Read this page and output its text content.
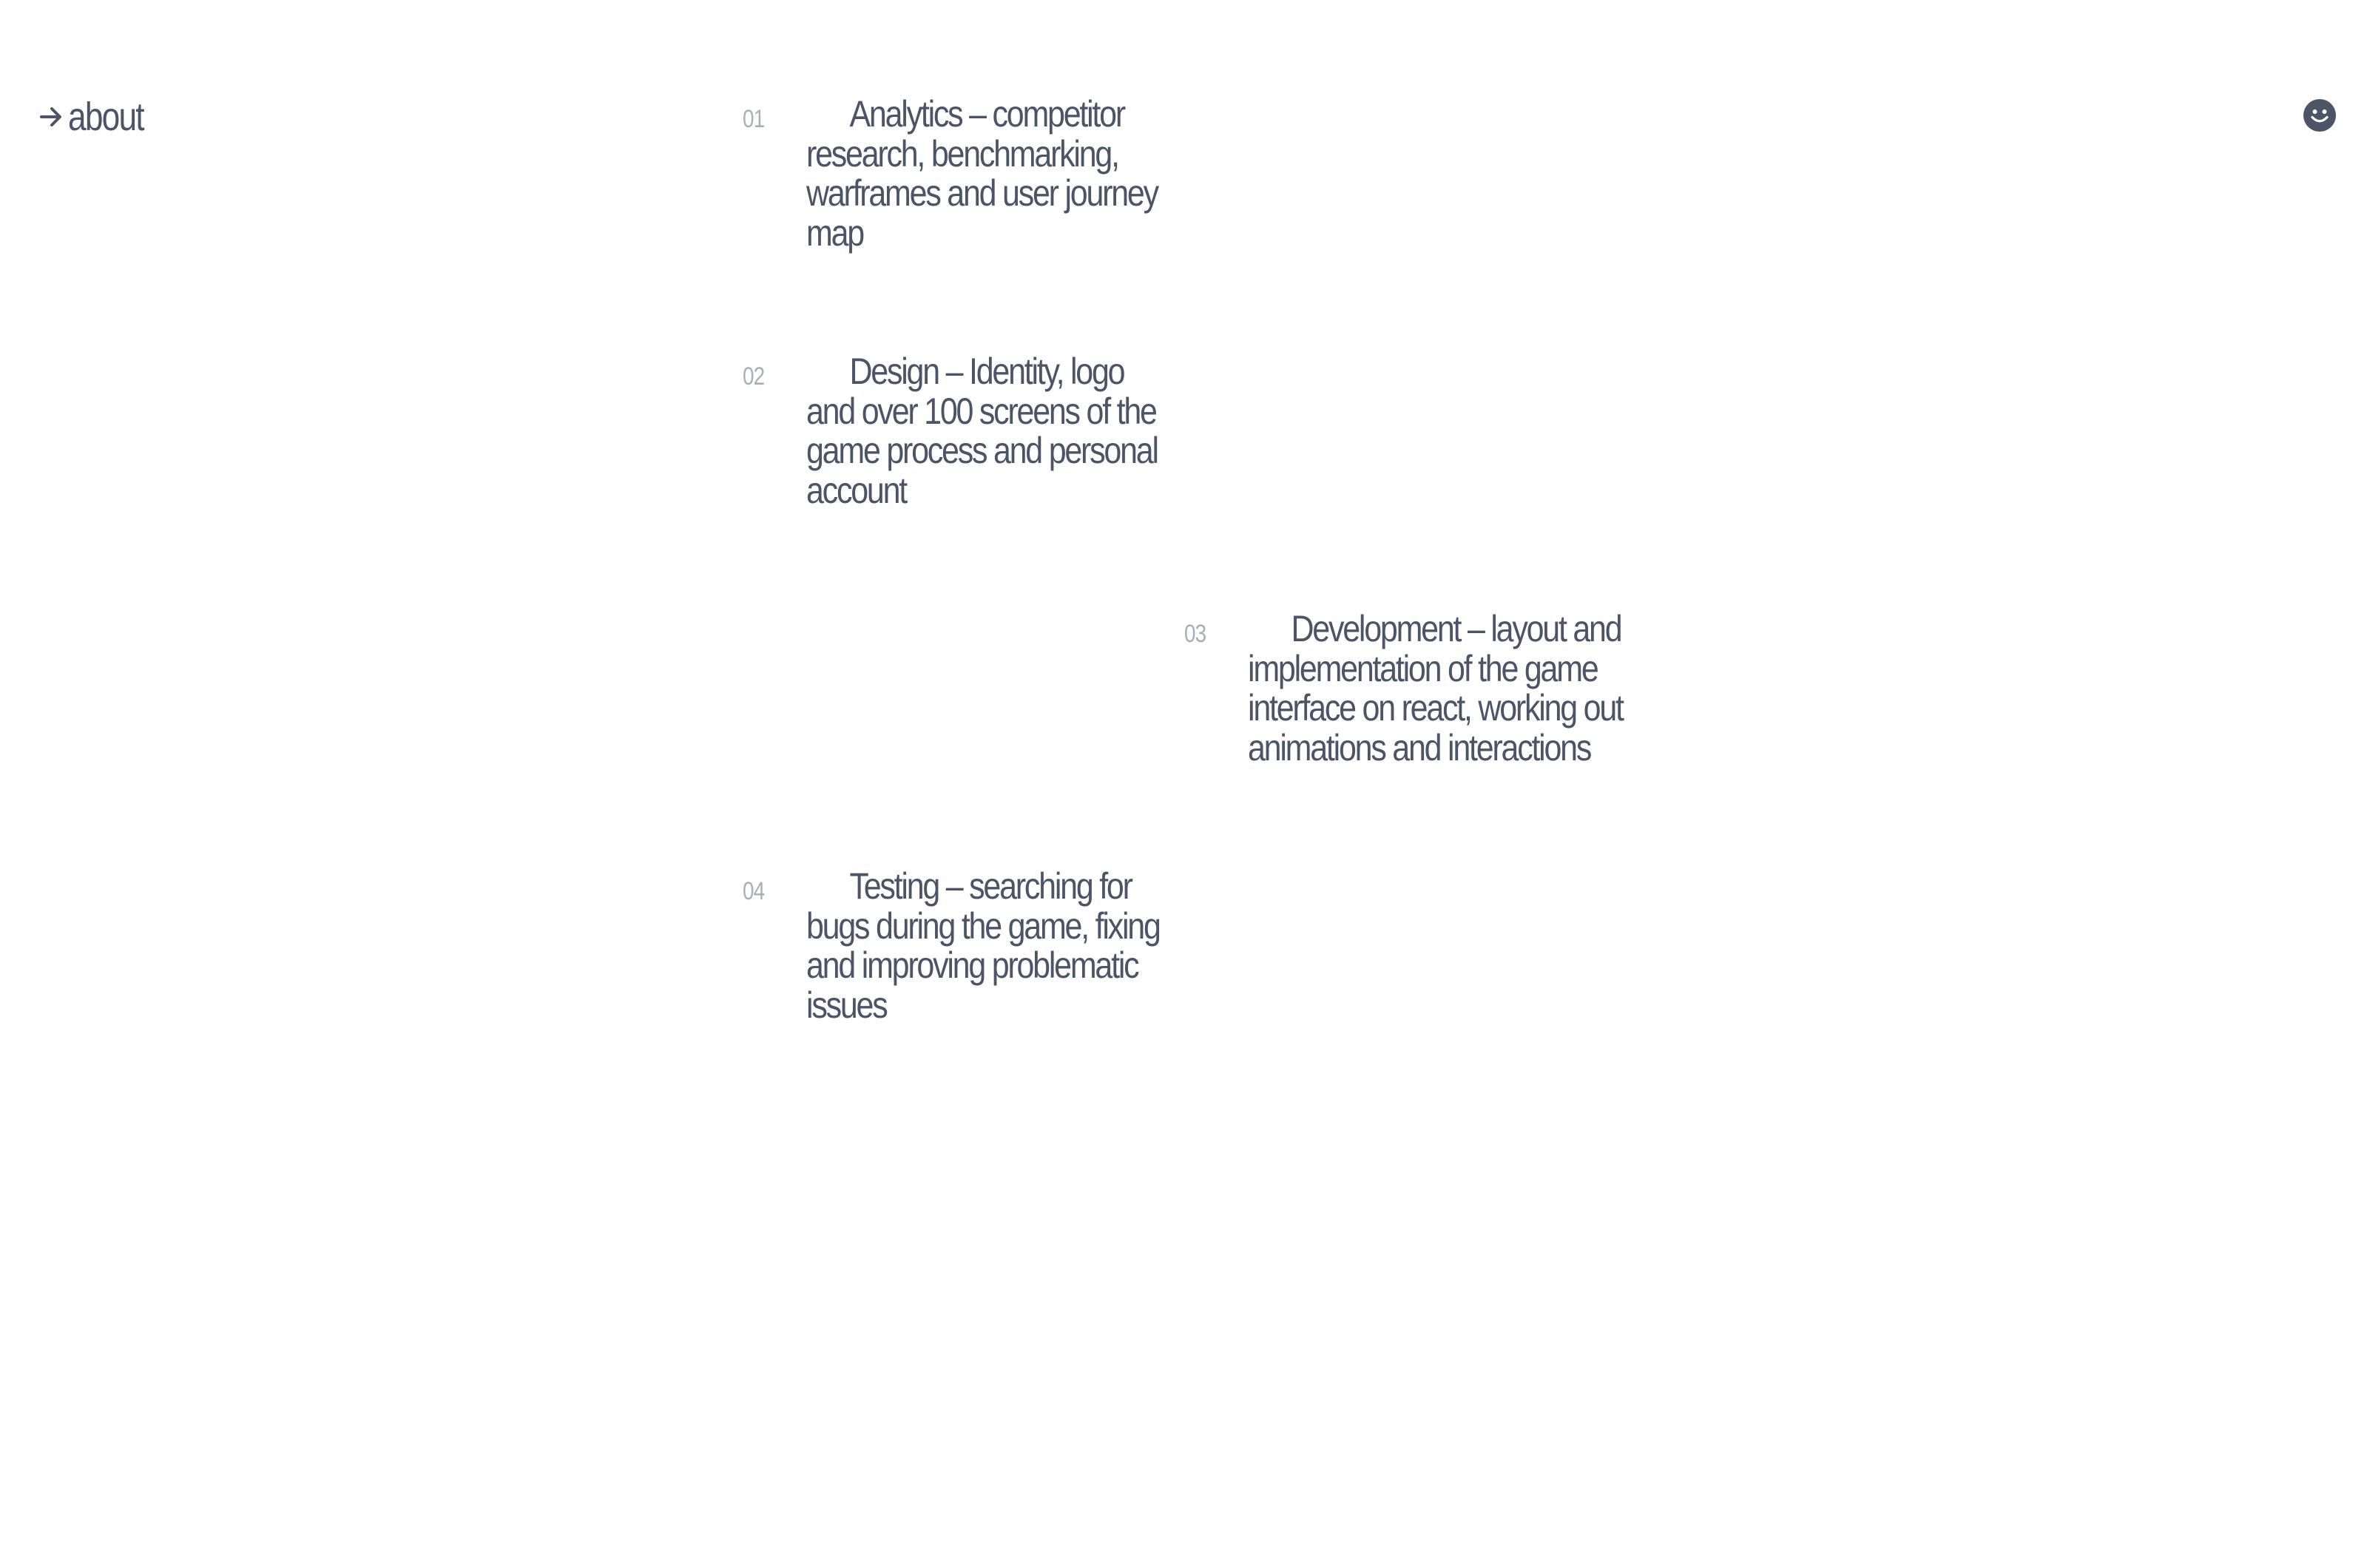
about	01	Analytics – competitor research, benchmarking, warframes and user journey map
02	Design – Identity, logo and over 100 screens of the game process and personal account
03	Development – layout and implementation of the game interface on react, working out animations and interactions
04	Testing – searching for bugs during the game, fixing and improving problematic issues
